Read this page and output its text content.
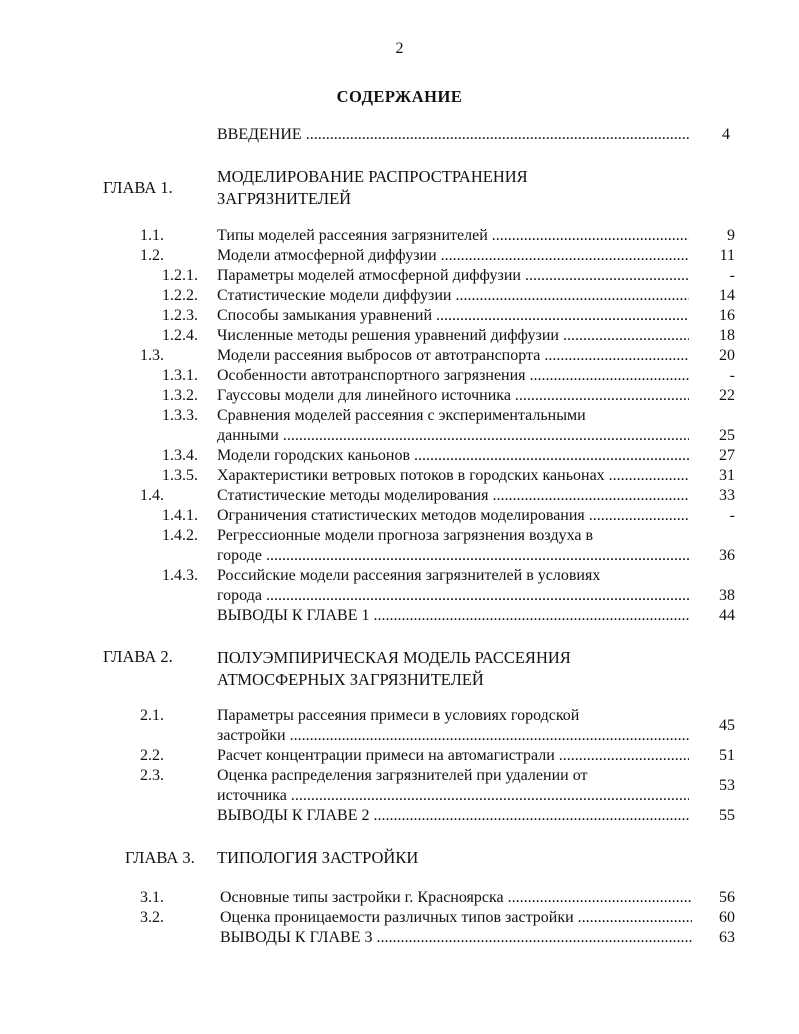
2
СОДЕРЖАНИЕ
ВВЕДЕНИЕ .....	4
ГЛАВА 1.
МОДЕЛИРОВАНИЕ РАСПРОСТРАНЕНИЯ
ЗАГРЯЗНИТЕЛЕЙ
1.1.	Типы моделей рассеяния загрязнителей .....	9
1.2.	Модели атмосферной диффузии .....	11
1.2.1. Параметры моделей атмосферной диффузии .....	-
1.2.2. Статистические модели диффузии .....	14
1.2.3. Способы замыкания уравнений .....	16
1.2.4. Численные методы решения уравнений диффузии .....	18
1.3.	Модели рассеяния выбросов от автотранспорта .....	20
1.3.1. Особенности автотранспортного загрязнения .....	-
1.3.2. Гауссовы модели для линейного источника .....	22
1.3.3. Сравнения моделей рассеяния с экспериментальными
данными .....	25
1.3.4. Модели городских каньонов .....	27
1.3.5. Характеристики ветровых потоков в городских каньонах .....	31
1.4.	Статистические методы моделирования .....	33
1.4.1. Ограничения статистических методов моделирования .....	-
1.4.2. Регрессионные модели прогноза загрязнения воздуха в
городе .....	36
1.4.3. Российские модели рассеяния загрязнителей в условиях
города .....	38
ВЫВОДЫ К ГЛАВЕ 1 .....	44
ГЛАВА 2.	ПОЛУЭМПИРИЧЕСКАЯ МОДЕЛЬ РАССЕЯНИЯ
АТМОСФЕРНЫХ ЗАГРЯЗНИТЕЛЕЙ
2.1.	Параметры рассеяния примеси в условиях городской
застройки .....
45
2.2.	Расчет концентрации примеси на автомагистрали .....	51
2.3.	Оценка распределения загрязнителей при удалении от
источника .....
53
ВЫВОДЫ К ГЛАВЕ 2 .....	55
ГЛАВА 3. ТИПОЛОГИЯ ЗАСТРОЙКИ
3.1.	Основные типы застройки г. Красноярска .....	56
3.2.	Оценка проницаемости различных типов застройки .....	60
ВЫВОДЫ К ГЛАВЕ 3 .....	63
